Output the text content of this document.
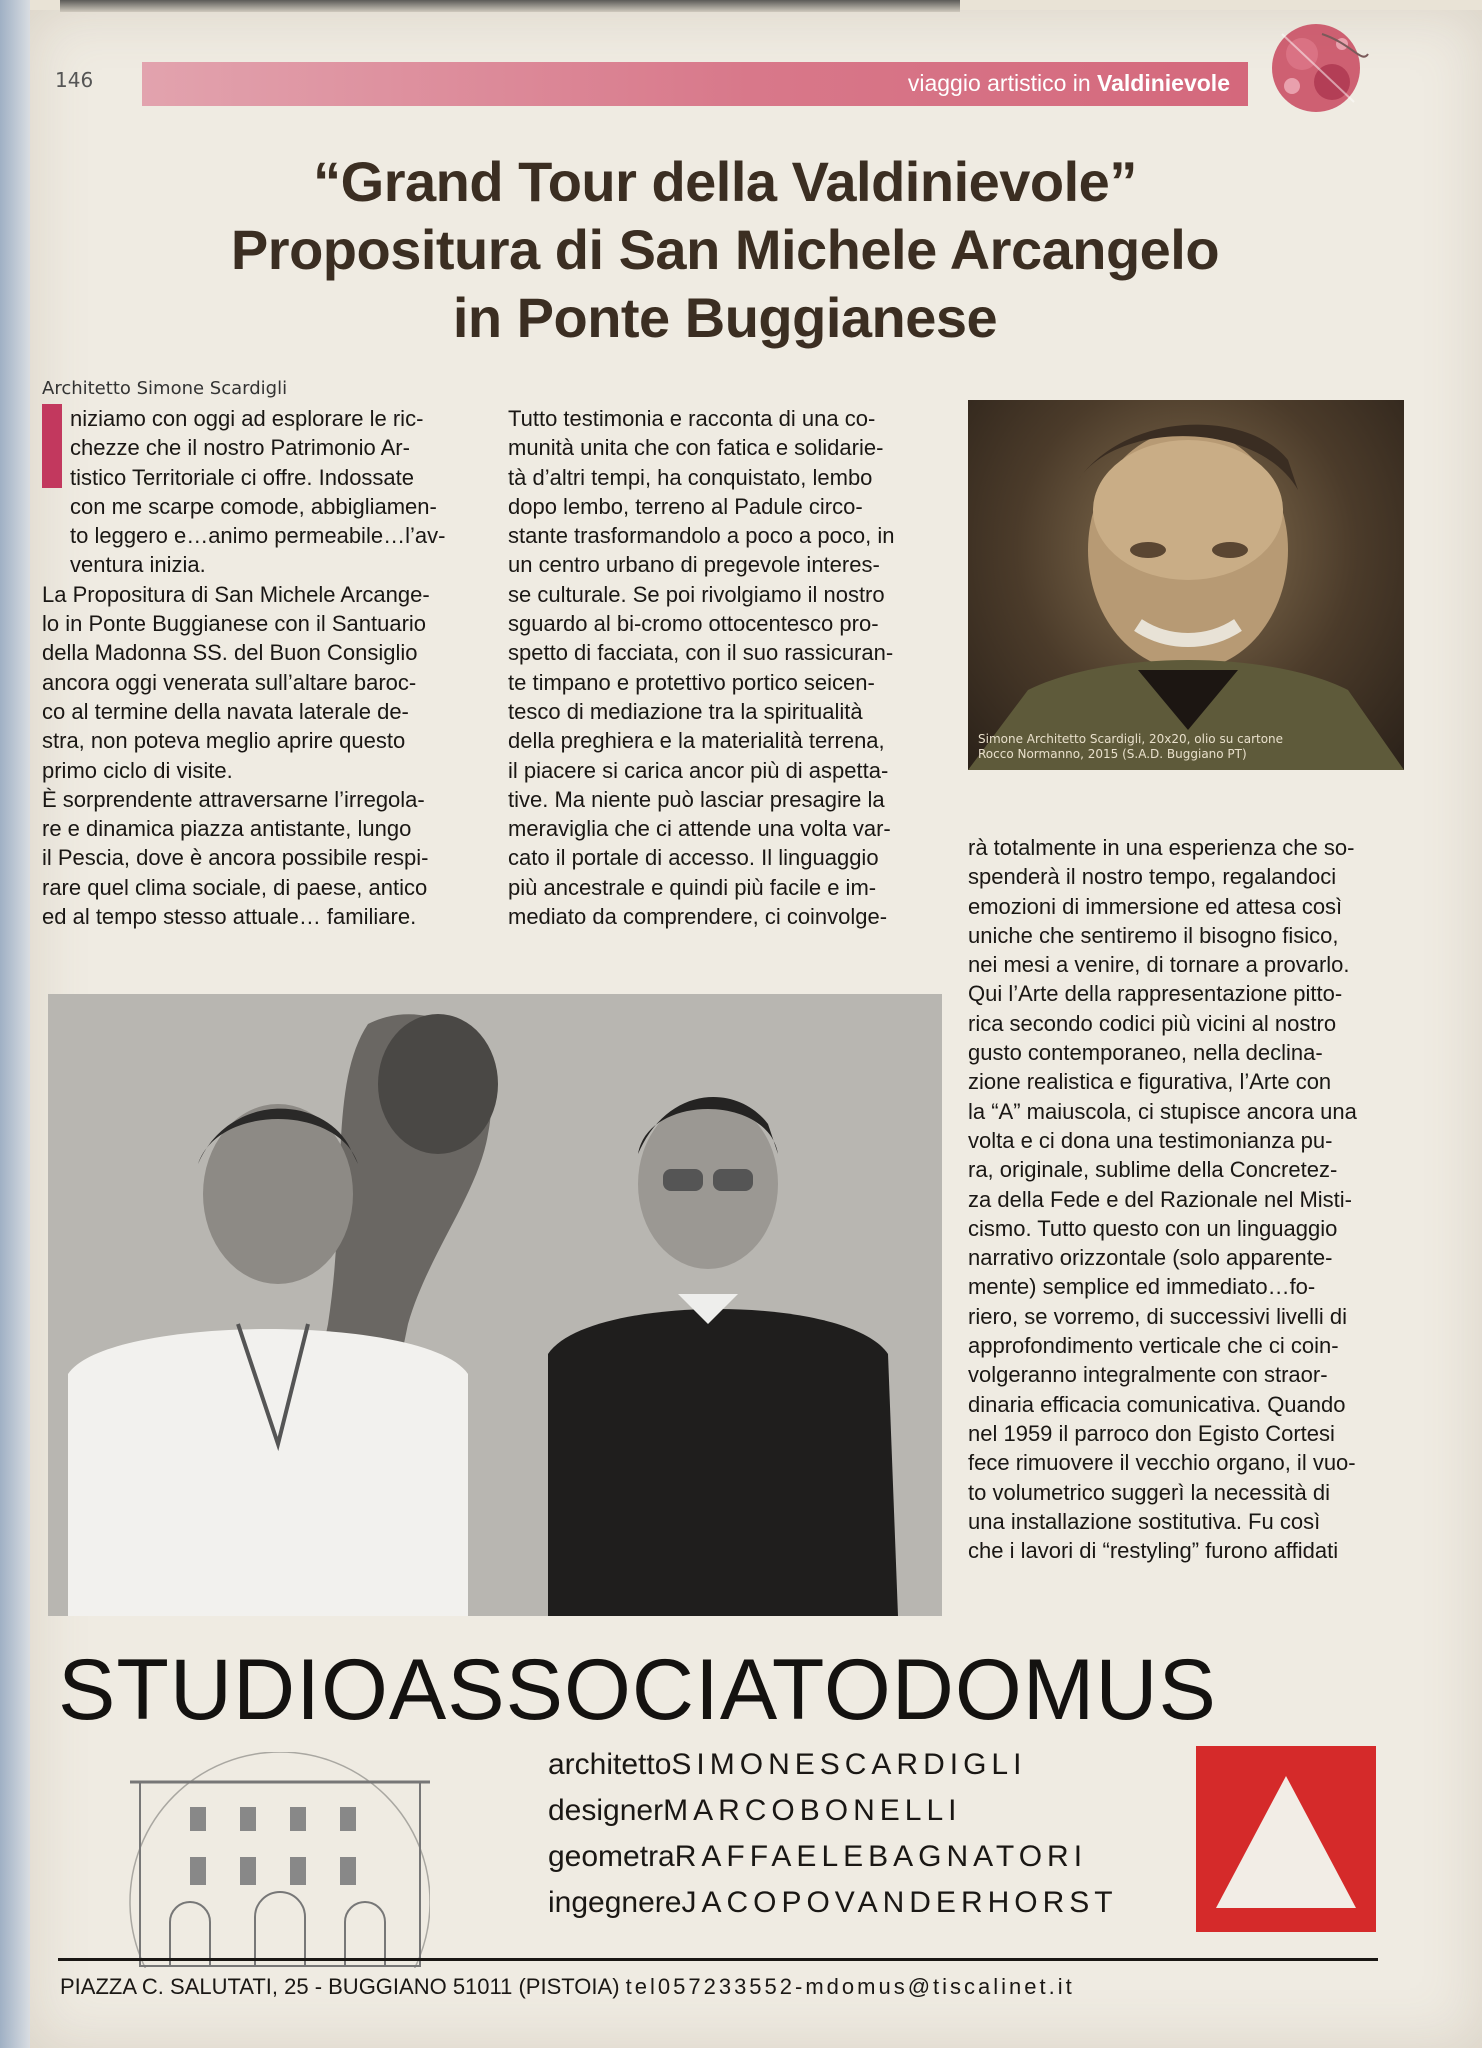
146	viaggio artistico in Valdinievole
“Grand Tour della Valdinievole”
Propositura di San Michele Arcangelo
in Ponte Buggianese
Architetto Simone Scardigli

niziamo con oggi ad esplorare le ric-
chezze che il nostro Patrimonio Ar-
tistico Territoriale ci offre. Indossate
con me scarpe comode, abbigliamen-
to leggero e…animo permeabile…l’av-
ventura inizia.

La Propositura di San Michele Arcange-
lo in Ponte Buggianese con il Santuario
della Madonna SS. del Buon Consiglio
ancora oggi venerata sull’altare baroc-
co al termine della navata laterale de-
stra, non poteva meglio aprire questo
primo ciclo di visite.

È sorprendente attraversarne l’irregola-
re e dinamica piazza antistante, lungo
il Pescia, dove è ancora possibile respi-
rare quel clima sociale, di paese, antico
ed al tempo stesso attuale… familiare.

Tutto testimonia e racconta di una co-
munità unita che con fatica e solidarie-
tà d’altri tempi, ha conquistato, lembo
dopo lembo, terreno al Padule circo-
stante trasformandolo a poco a poco, in
un centro urbano di pregevole interes-
se culturale. Se poi rivolgiamo il nostro
sguardo al bi-cromo ottocentesco pro-
spetto di facciata, con il suo rassicuran-
te timpano e protettivo portico seicen-
tesco di mediazione tra la spiritualità
della preghiera e la materialità terrena,
il piacere si carica ancor più di aspetta-
tive. Ma niente può lasciar presagire la
meraviglia che ci attende una volta var-
cato il portale di accesso. Il linguaggio
più ancestrale e quindi più facile e im-
mediato da comprendere, ci coinvolge-

Simone Architetto Scardigli, 20x20, olio su cartone
Rocco Normanno, 2015 (S.A.D. Buggiano PT)

rà totalmente in una esperienza che so-
spenderà il nostro tempo, regalandoci
emozioni di immersione ed attesa così
uniche che sentiremo il bisogno fisico,
nei mesi a venire, di tornare a provarlo.
Qui l’Arte della rappresentazione pitto-
rica secondo codici più vicini al nostro
gusto contemporaneo, nella declina-
zione realistica e figurativa, l’Arte con
la “A” maiuscola, ci stupisce ancora una
volta e ci dona una testimonianza pu-
ra, originale, sublime della Concretez-
za della Fede e del Razionale nel Misti-
cismo. Tutto questo con un linguaggio
narrativo orizzontale (solo apparente-
mente) semplice ed immediato…fo-
riero, se vorremo, di successivi livelli di
approfondimento verticale che ci coin-
volgeranno integralmente con straor-
dinaria efficacia comunicativa. Quando
nel 1959 il parroco don Egisto Cortesi
fece rimuovere il vecchio organo, il vuo-
to volumetrico suggerì la necessità di
una installazione sostitutiva. Fu così
che i lavori di “restyling” furono affidati

STUDIOASSOCIATODOMUS
architettoSIMONESCARDIGLI
designerMARCOBONELLI
geometraRAFFAELEBAGNATORI
ingegnereJACOPOVANDERHORST
PIAZZA C. SALUTATI, 25 - BUGGIANO 51011 (PISTOIA) tel057233552-mdomus@tiscalinet.it
